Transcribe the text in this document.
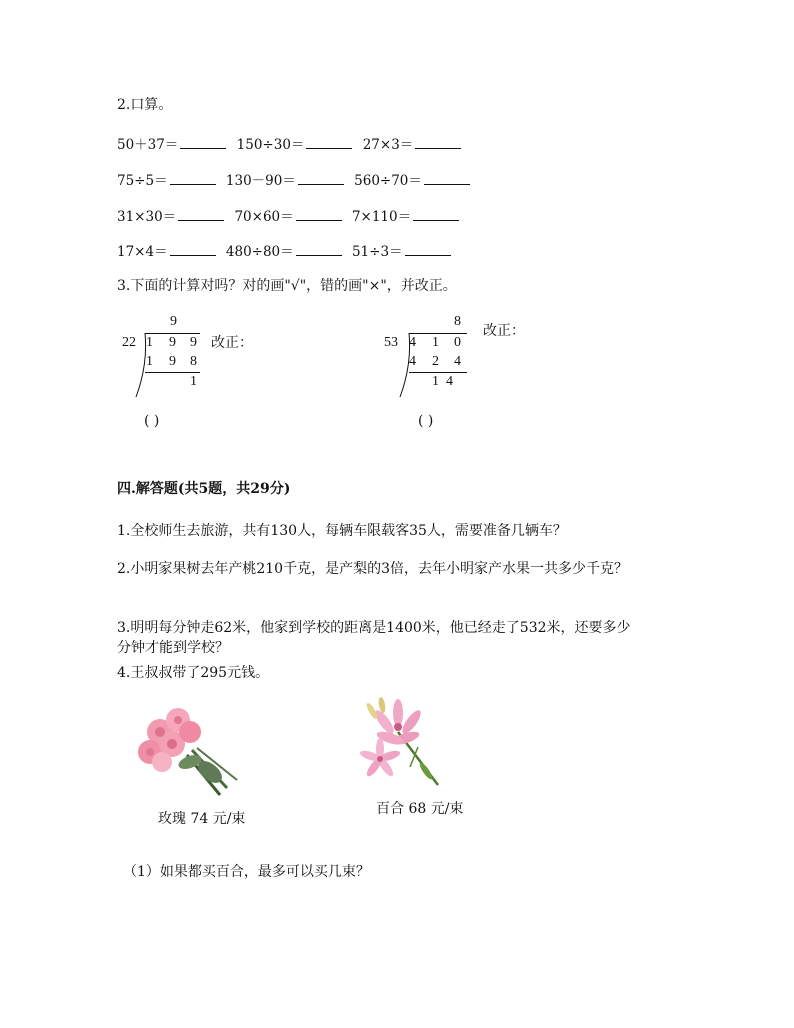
2.口算。
50＋37＝	150÷30＝	27×3＝
75÷5＝	130－90＝	560÷70＝
31×30＝	70×60＝	7×110＝
17×4＝	480÷80＝	51÷3＝
3.下面的计算对吗？对的画"√"，错的画"×"，并改正。
9
22 1 9 9
1 9 8
1
改正：
( )
8
53 4 1 0
4 2 4
1  4
改正：
( )
四.解答题(共5题，共29分)
1.全校师生去旅游，共有130人，每辆车限载客35人，需要准备几辆车？
2.小明家果树去年产桃210千克，是产梨的3倍，去年小明家产水果一共多少千克？
3.明明每分钟走62米，他家到学校的距离是1400米，他已经走了532米，还要多少
分钟才能到学校？
4.王叔叔带了295元钱。
玫瑰 74 元/束
百合 68 元/束
（1）如果都买百合，最多可以买几束？
